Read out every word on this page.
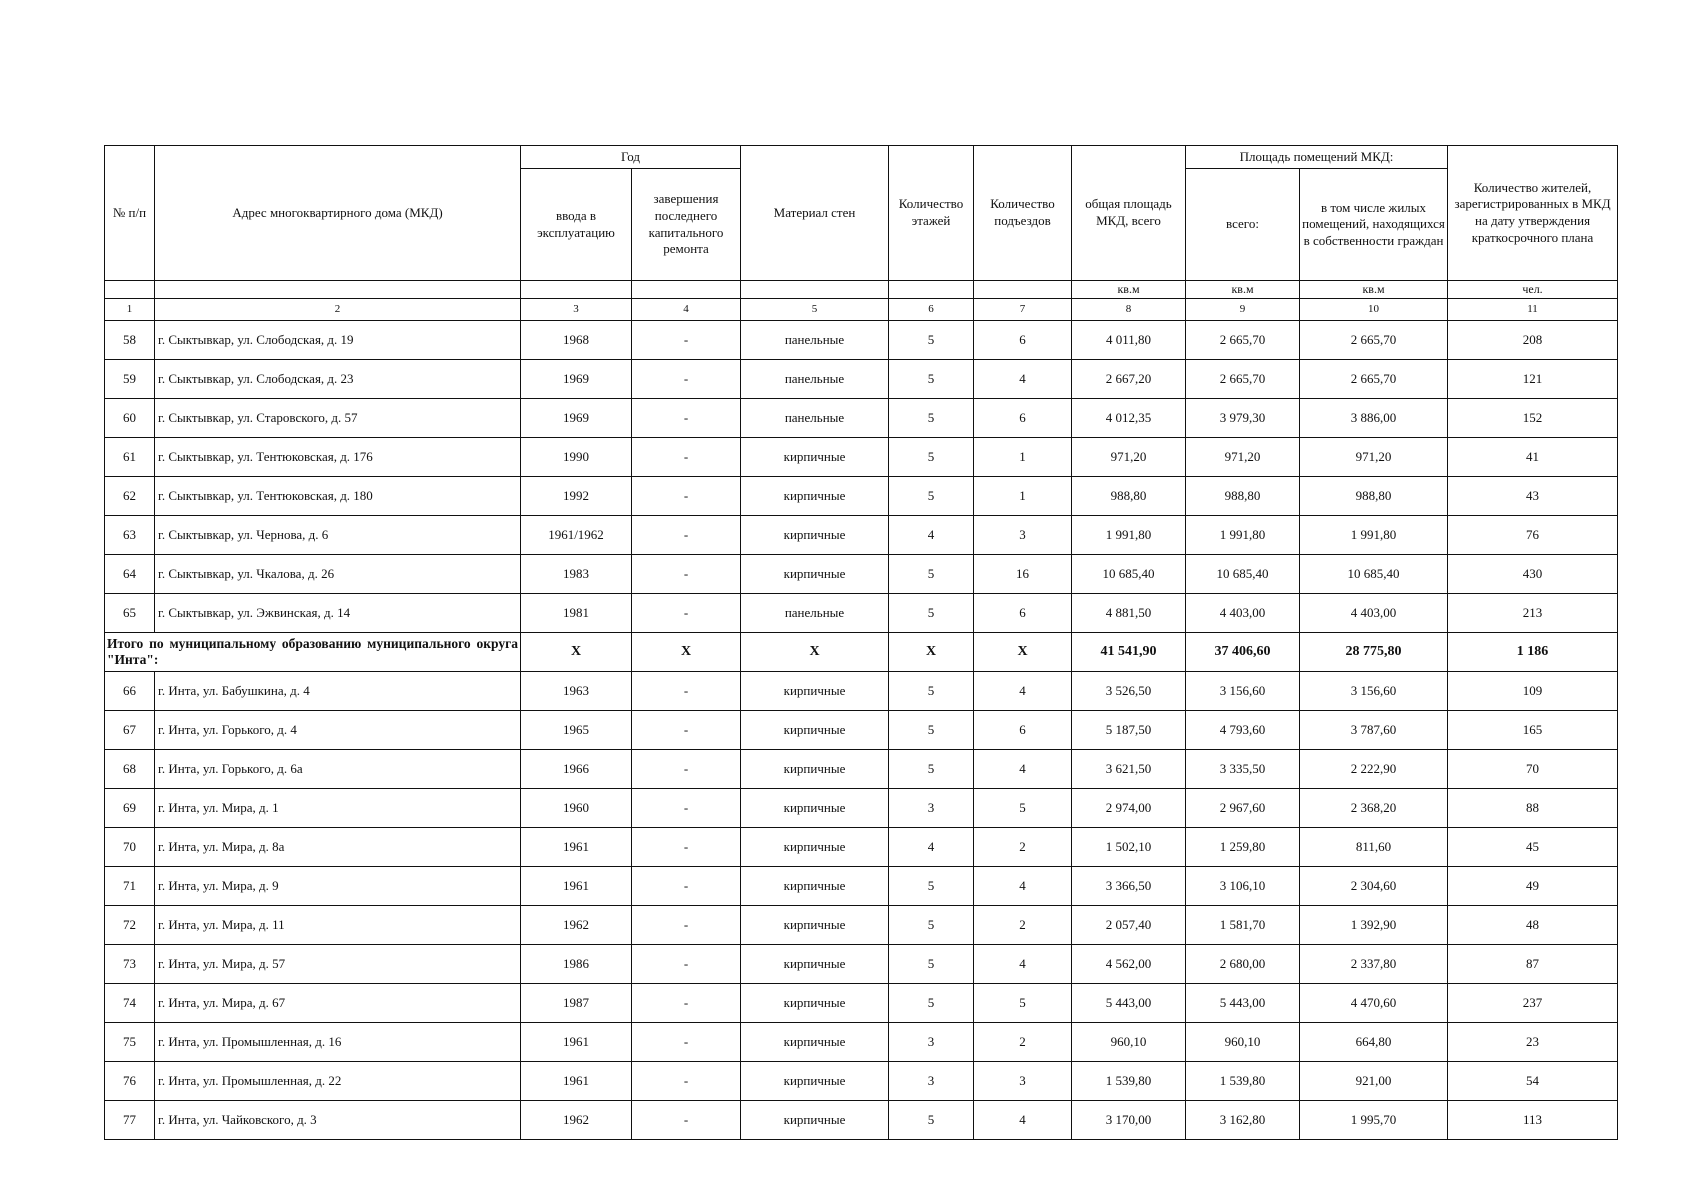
№ п/п	Адрес многоквартирного дома (МКД)	Год		Материал стен	Количество этажей	Количество подъездов	общая площадь МКД, всего	Площадь помещений МКД:		Количество жителей, зарегистрированных в МКД на дату утверждения краткосрочного плана
		ввода в эксплуатацию	завершения последнего капитального ремонта					всего:	в том числе жилых помещений, находящихся в собственности граждан	
							кв.м	кв.м	кв.м	чел.
1	2	3	4	5	6	7	8	9	10	11
58	г. Сыктывкар, ул. Слободская, д. 19	1968	-	панельные	5	6	4 011,80	2 665,70	2 665,70	208
59	г. Сыктывкар, ул. Слободская, д. 23	1969	-	панельные	5	4	2 667,20	2 665,70	2 665,70	121
60	г. Сыктывкар, ул. Старовского, д. 57	1969	-	панельные	5	6	4 012,35	3 979,30	3 886,00	152
61	г. Сыктывкар, ул. Тентюковская, д. 176	1990	-	кирпичные	5	1	971,20	971,20	971,20	41
62	г. Сыктывкар, ул. Тентюковская, д. 180	1992	-	кирпичные	5	1	988,80	988,80	988,80	43
63	г. Сыктывкар, ул. Чернова, д. 6	1961/1962	-	кирпичные	4	3	1 991,80	1 991,80	1 991,80	76
64	г. Сыктывкар, ул. Чкалова, д. 26	1983	-	кирпичные	5	16	10 685,40	10 685,40	10 685,40	430
65	г. Сыктывкар, ул. Эжвинская, д. 14	1981	-	панельные	5	6	4 881,50	4 403,00	4 403,00	213
Итого по муниципальному образованию муниципального округа "Инта":		X	X	X	X	X	41 541,90	37 406,60	28 775,80	1 186
66	г. Инта, ул. Бабушкина, д. 4	1963	-	кирпичные	5	4	3 526,50	3 156,60	3 156,60	109
67	г. Инта, ул. Горького, д. 4	1965	-	кирпичные	5	6	5 187,50	4 793,60	3 787,60	165
68	г. Инта, ул. Горького, д. 6а	1966	-	кирпичные	5	4	3 621,50	3 335,50	2 222,90	70
69	г. Инта, ул. Мира, д. 1	1960	-	кирпичные	3	5	2 974,00	2 967,60	2 368,20	88
70	г. Инта, ул. Мира, д. 8а	1961	-	кирпичные	4	2	1 502,10	1 259,80	811,60	45
71	г. Инта, ул. Мира, д. 9	1961	-	кирпичные	5	4	3 366,50	3 106,10	2 304,60	49
72	г. Инта, ул. Мира, д. 11	1962	-	кирпичные	5	2	2 057,40	1 581,70	1 392,90	48
73	г. Инта, ул. Мира, д. 57	1986	-	кирпичные	5	4	4 562,00	2 680,00	2 337,80	87
74	г. Инта, ул. Мира, д. 67	1987	-	кирпичные	5	5	5 443,00	5 443,00	4 470,60	237
75	г. Инта, ул. Промышленная, д. 16	1961	-	кирпичные	3	2	960,10	960,10	664,80	23
76	г. Инта, ул. Промышленная, д. 22	1961	-	кирпичные	3	3	1 539,80	1 539,80	921,00	54
77	г. Инта, ул. Чайковского, д. 3	1962	-	кирпичные	5	4	3 170,00	3 162,80	1 995,70	113
